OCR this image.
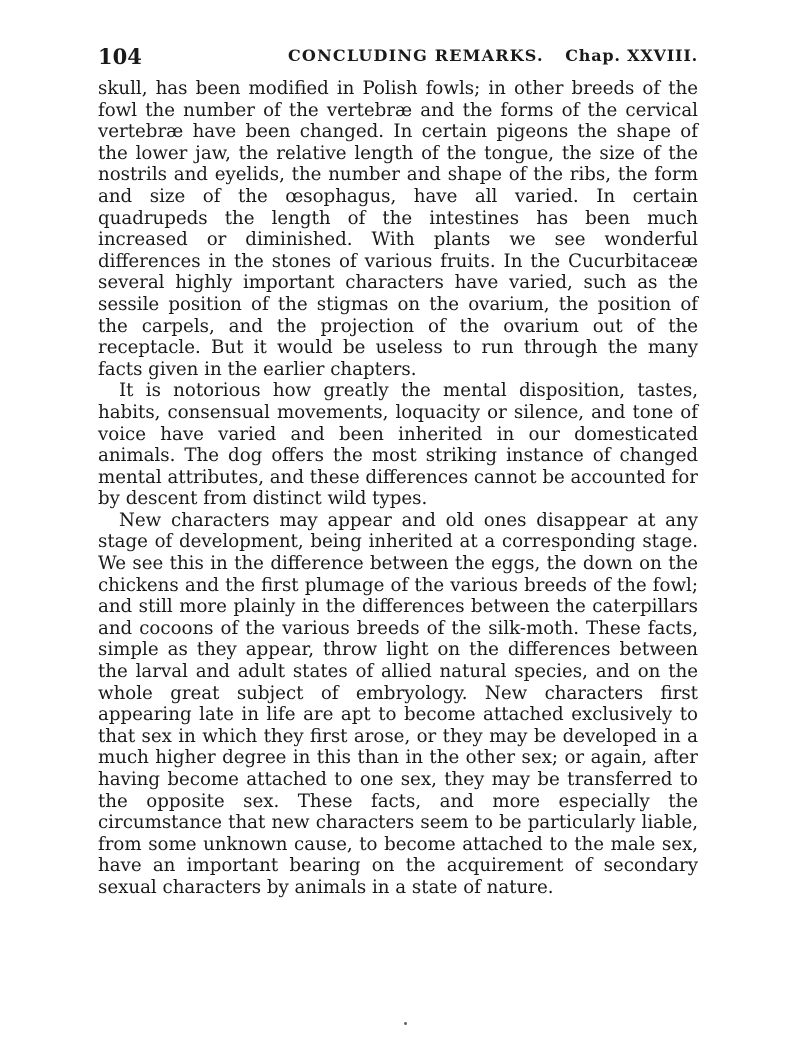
104	CONCLUDING REMARKS. Chap. XXVIII.

skull, has been modified in Polish fowls; in other breeds of the fowl the number of the vertebræ and the forms of the cervical vertebræ have been changed. In certain pigeons the shape of the lower jaw, the relative length of the tongue, the size of the nostrils and eyelids, the number and shape of the ribs, the form and size of the œsophagus, have all varied. In certain quadrupeds the length of the intestines has been much increased or diminished. With plants we see wonderful differences in the stones of various fruits. In the Cucurbitaceæ several highly important characters have varied, such as the sessile position of the stigmas on the ovarium, the position of the carpels, and the projection of the ovarium out of the receptacle. But it would be useless to run through the many facts given in the earlier chapters.

It is notorious how greatly the mental disposition, tastes, habits, consensual movements, loquacity or silence, and tone of voice have varied and been inherited in our domesticated animals. The dog offers the most striking instance of changed mental attributes, and these differences cannot be accounted for by descent from distinct wild types.

New characters may appear and old ones disappear at any stage of development, being inherited at a corresponding stage. We see this in the difference between the eggs, the down on the chickens and the first plumage of the various breeds of the fowl; and still more plainly in the differences between the caterpillars and cocoons of the various breeds of the silk-moth. These facts, simple as they appear, throw light on the differences between the larval and adult states of allied natural species, and on the whole great subject of embryology. New characters first appearing late in life are apt to become attached exclusively to that sex in which they first arose, or they may be developed in a much higher degree in this than in the other sex; or again, after having become attached to one sex, they may be transferred to the opposite sex. These facts, and more especially the circumstance that new characters seem to be particularly liable, from some unknown cause, to become attached to the male sex, have an important bearing on the acquirement of secondary sexual characters by animals in a state of nature.
